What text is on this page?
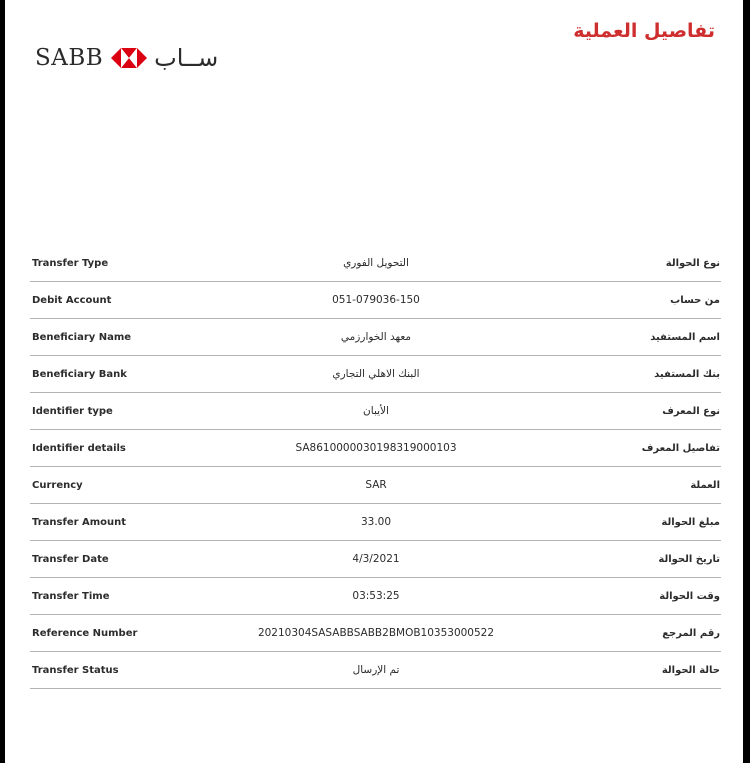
تفاصيل العملية
SABB ســاب
Transfer Type	التحويل الفوري	نوع الحوالة
Debit Account	051-079036-150	من حساب
Beneficiary Name	معهد الخوارزمي	اسم المستفيد
Beneficiary Bank	البنك الاهلي التجاري	بنك المستفيد
Identifier type	الأيبان	نوع المعرف
Identifier details	SA8610000030198319000103	تفاصيل المعرف
Currency	SAR	العملة
Transfer Amount	33.00	مبلغ الحوالة
Transfer Date	4/3/2021	تاريخ الحوالة
Transfer Time	03:53:25	وقت الحوالة
Reference Number	20210304SASABBSABB2BMOB10353000522	رقم المرجع
Transfer Status	تم الإرسال	حالة الحوالة
